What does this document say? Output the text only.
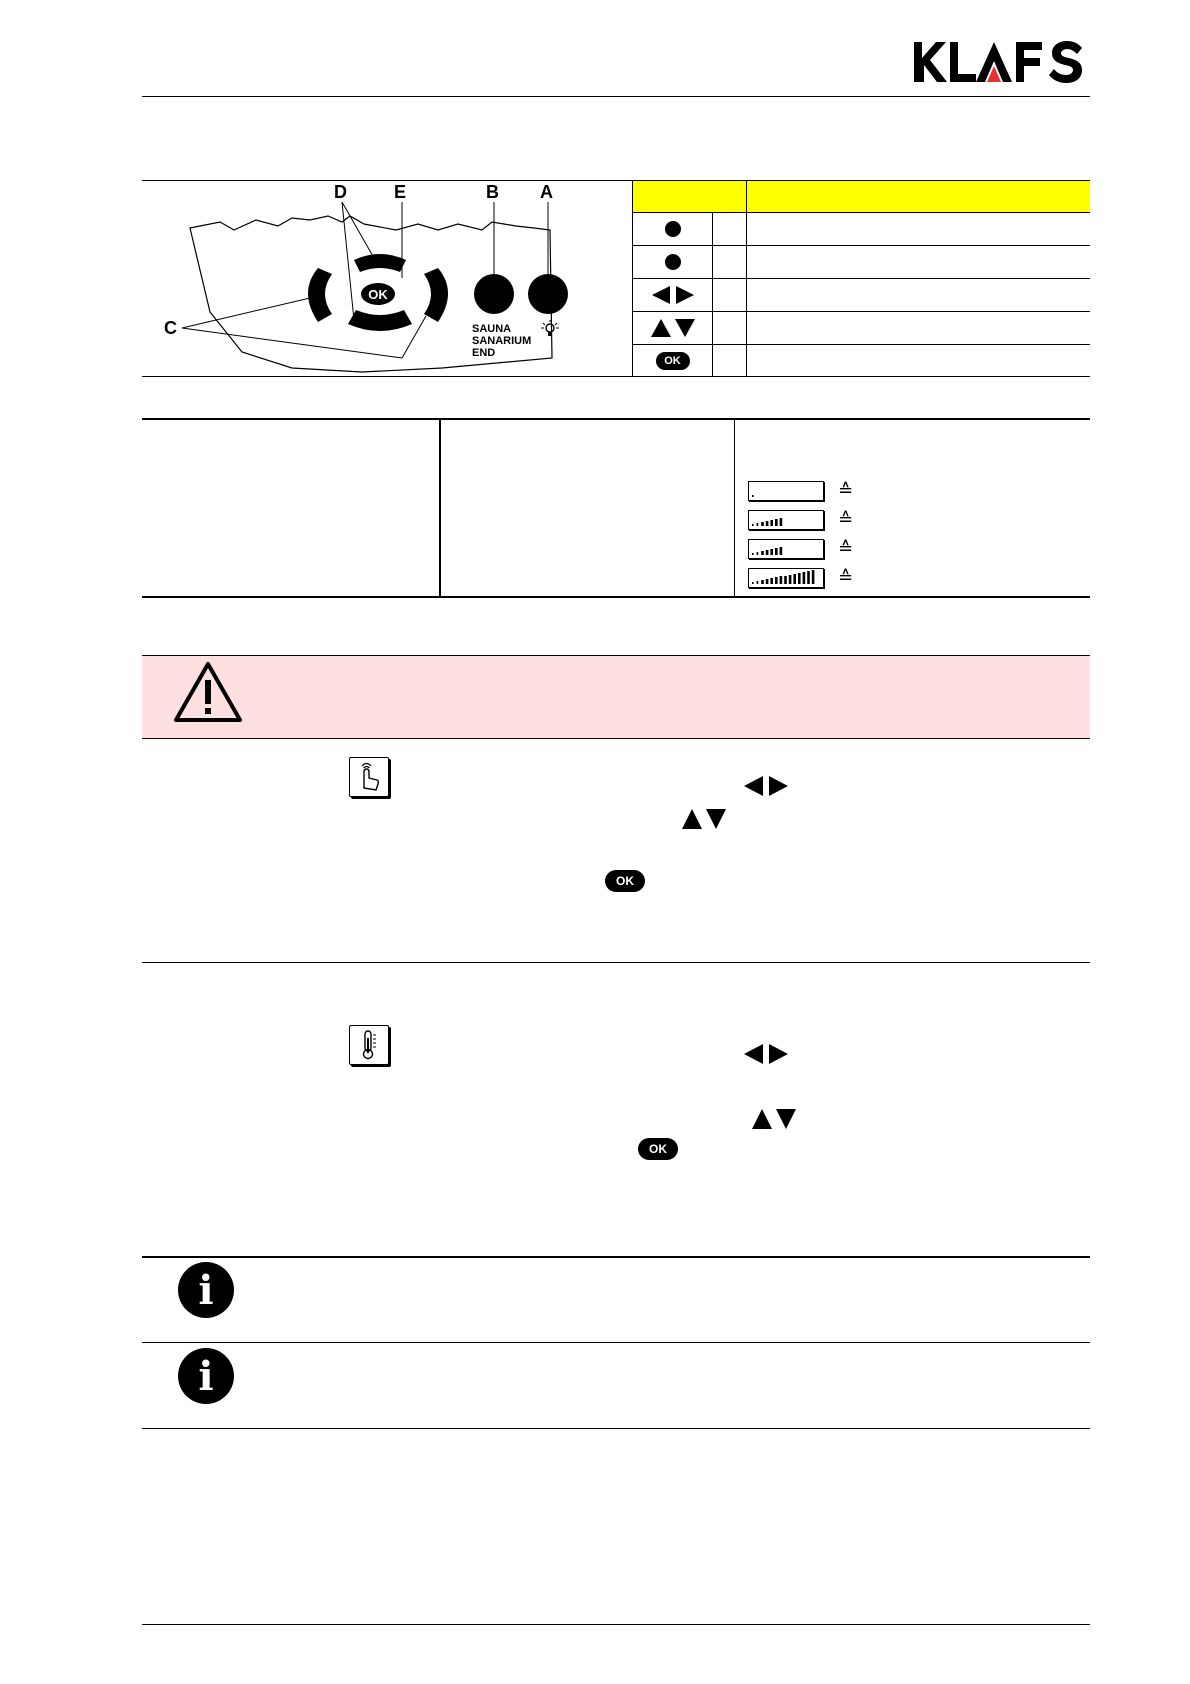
D	E	B A
C
OK
SAUNA
SANARIUM
END
OK
≙
≙
≙
≙
OK
OK
i
i
